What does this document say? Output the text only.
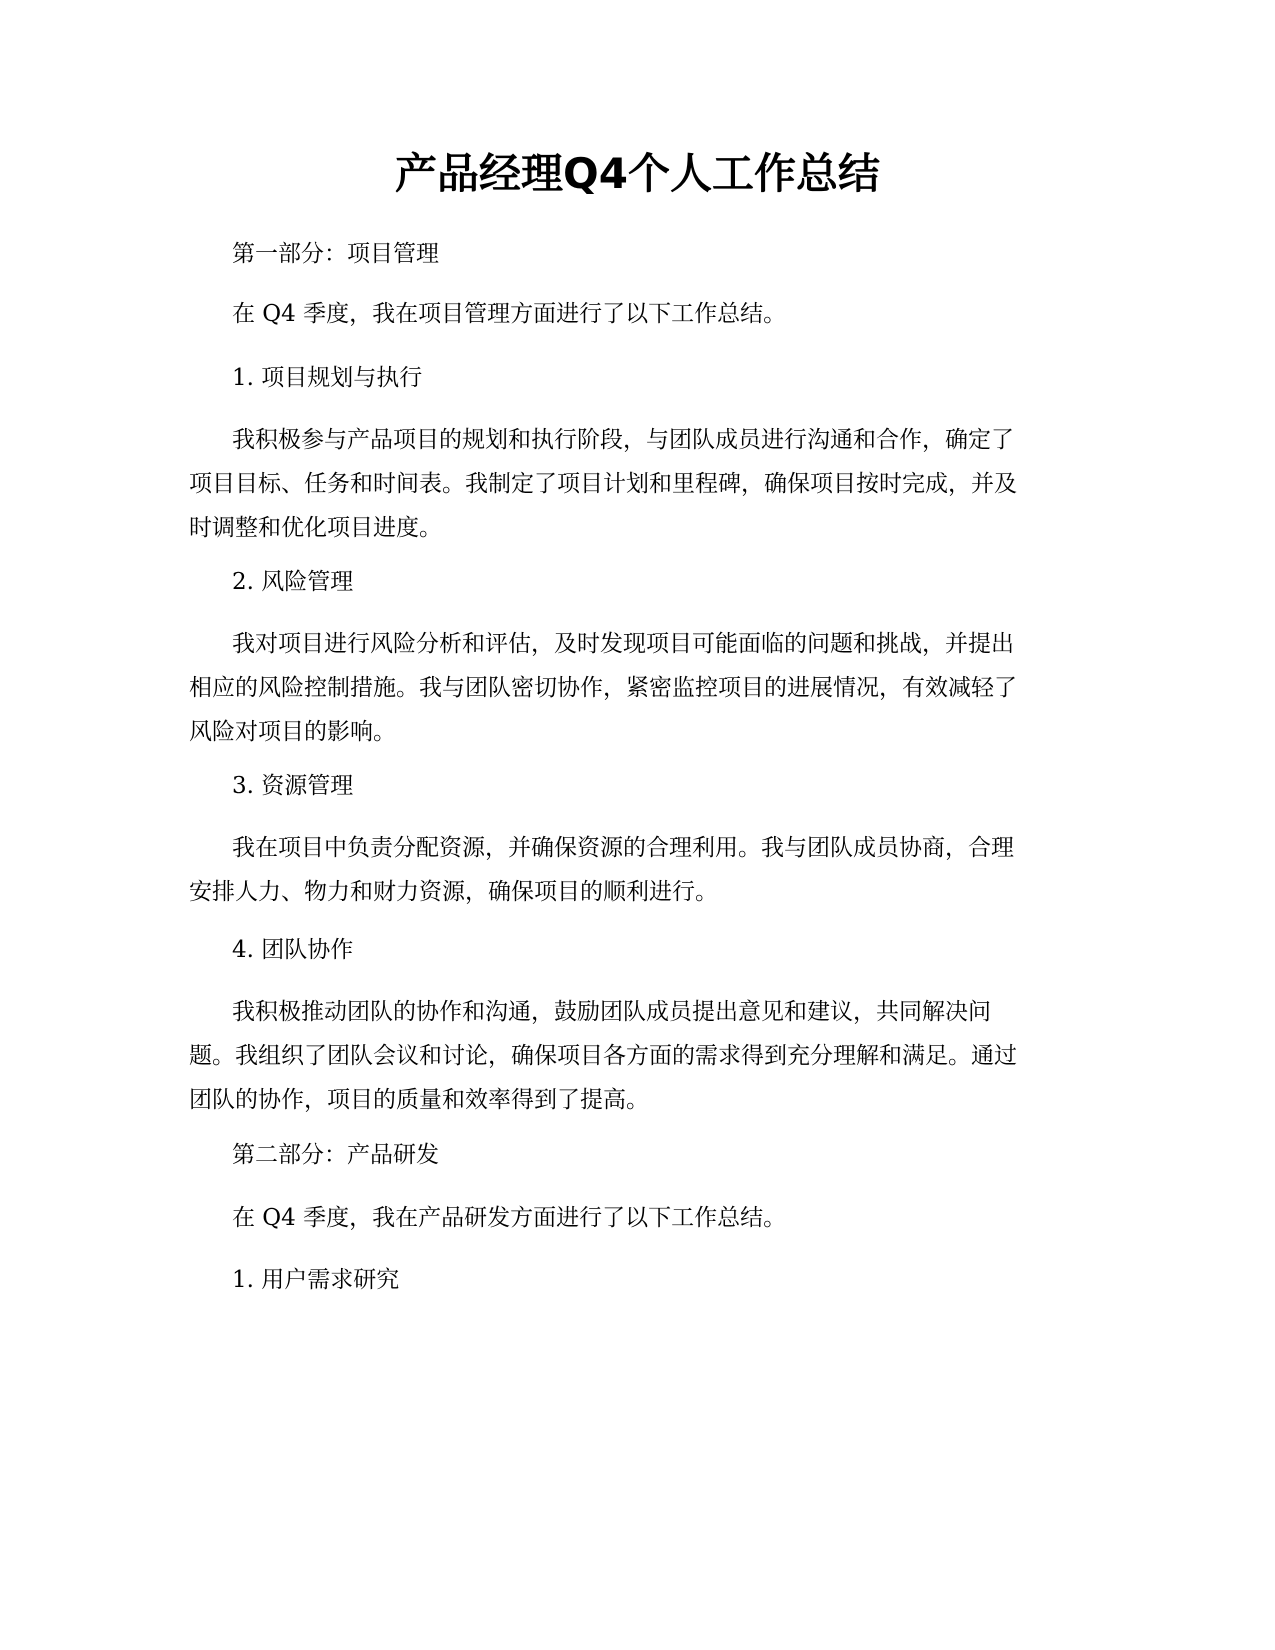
产品经理Q4个人工作总结

第一部分：项目管理

在 Q4 季度，我在项目管理方面进行了以下工作总结。

1. 项目规划与执行

我积极参与产品项目的规划和执行阶段，与团队成员进行沟通和合作，确定了
项目目标、任务和时间表。我制定了项目计划和里程碑，确保项目按时完成，并及
时调整和优化项目进度。

2. 风险管理

我对项目进行风险分析和评估，及时发现项目可能面临的问题和挑战，并提出
相应的风险控制措施。我与团队密切协作，紧密监控项目的进展情况，有效减轻了
风险对项目的影响。

3. 资源管理

我在项目中负责分配资源，并确保资源的合理利用。我与团队成员协商，合理
安排人力、物力和财力资源，确保项目的顺利进行。

4. 团队协作

我积极推动团队的协作和沟通，鼓励团队成员提出意见和建议，共同解决问
题。我组织了团队会议和讨论，确保项目各方面的需求得到充分理解和满足。通过
团队的协作，项目的质量和效率得到了提高。

第二部分：产品研发

在 Q4 季度，我在产品研发方面进行了以下工作总结。

1. 用户需求研究
